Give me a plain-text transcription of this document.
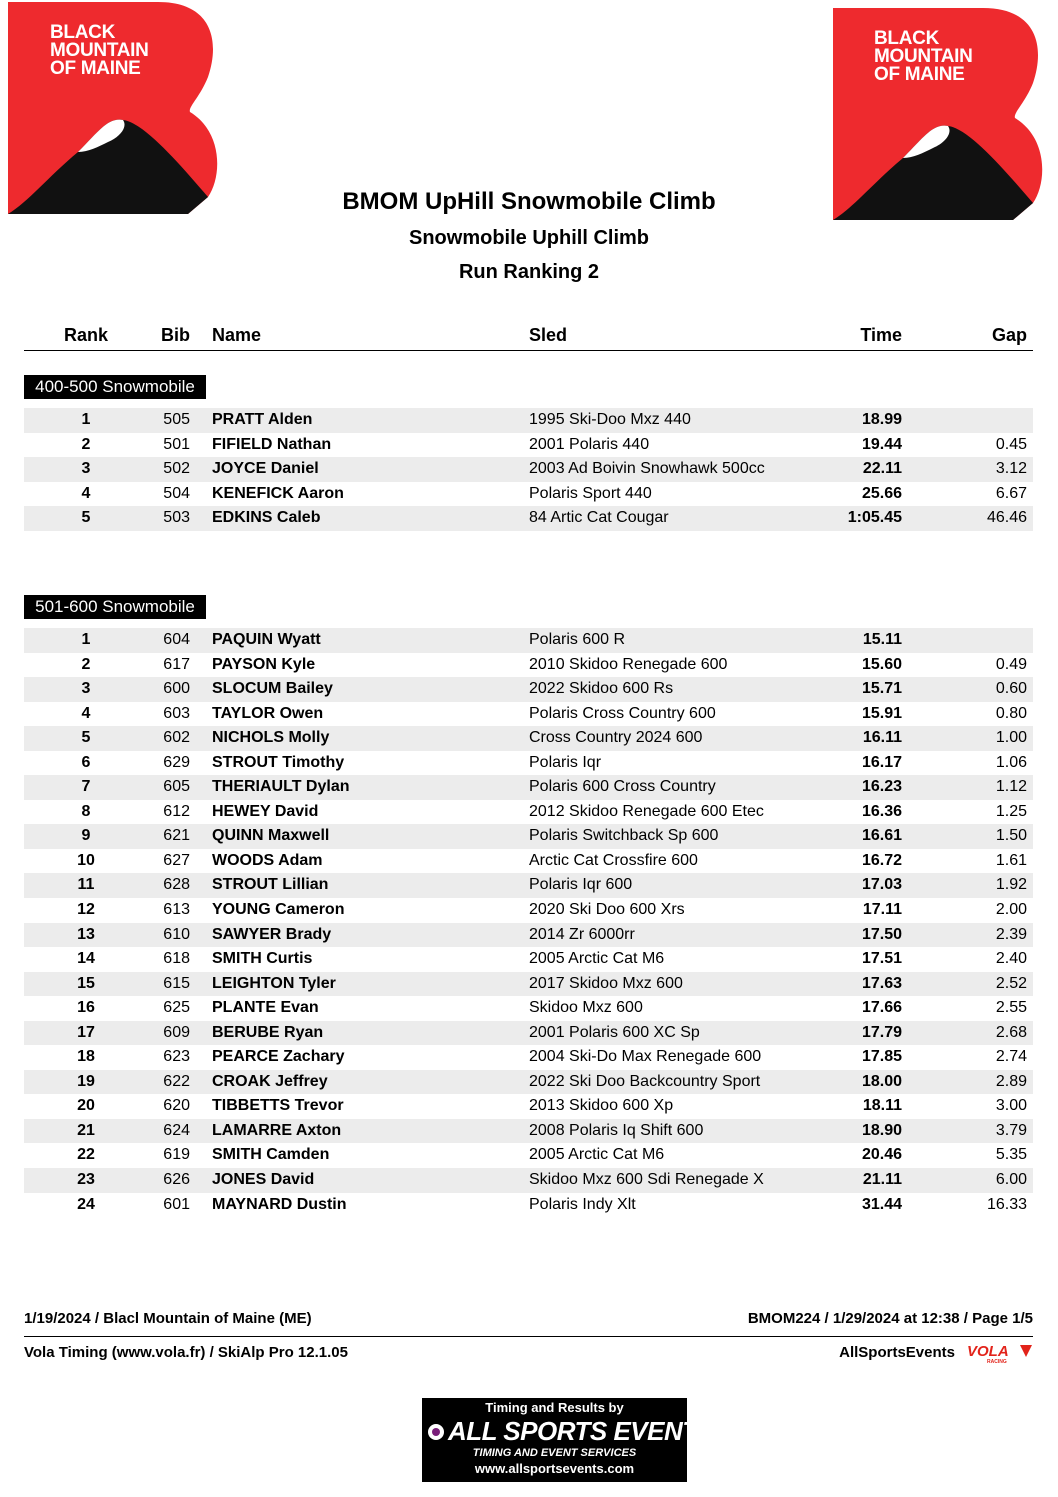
BLACK
MOUNTAIN
OF MAINE
BLACK
MOUNTAIN
OF MAINE
BMOM UpHill Snowmobile Climb
Snowmobile Uphill Climb
Run Ranking 2
Rank	Bib Name	Sled	Time	Gap
400-500 Snowmobile
1	505 PRATT Alden	1995 Ski-Doo Mxz 440	18.99
2	501 FIFIELD Nathan	2001 Polaris 440	19.44	0.45
3	502 JOYCE Daniel	2003 Ad Boivin Snowhawk 500cc	22.11	3.12
4	504 KENEFICK Aaron	Polaris Sport 440	25.66	6.67
5	503 EDKINS Caleb	84 Artic Cat Cougar	1:05.45	46.46
501-600 Snowmobile
1	604 PAQUIN Wyatt	Polaris 600 R	15.11
2	617 PAYSON Kyle	2010 Skidoo Renegade 600	15.60	0.49
3	600 SLOCUM Bailey	2022 Skidoo 600 Rs	15.71	0.60
4	603 TAYLOR Owen	Polaris Cross Country 600	15.91	0.80
5	602 NICHOLS Molly	Cross Country 2024 600	16.11	1.00
6	629 STROUT Timothy	Polaris Iqr	16.17	1.06
7	605 THERIAULT Dylan	Polaris 600 Cross Country	16.23	1.12
8	612 HEWEY David	2012 Skidoo Renegade 600 Etec	16.36	1.25
9	621 QUINN Maxwell	Polaris Switchback Sp 600	16.61	1.50
10	627 WOODS Adam	Arctic Cat Crossfire 600	16.72	1.61
11	628 STROUT Lillian	Polaris Iqr 600	17.03	1.92
12	613 YOUNG Cameron	2020 Ski Doo 600 Xrs	17.11	2.00
13	610 SAWYER Brady	2014 Zr 6000rr	17.50	2.39
14	618 SMITH Curtis	2005 Arctic Cat M6	17.51	2.40
15	615 LEIGHTON Tyler	2017 Skidoo Mxz 600	17.63	2.52
16	625 PLANTE Evan	Skidoo Mxz 600	17.66	2.55
17	609 BERUBE Ryan	2001 Polaris 600 XC Sp	17.79	2.68
18	623 PEARCE Zachary	2004 Ski-Do Max Renegade 600	17.85	2.74
19	622 CROAK Jeffrey	2022 Ski Doo Backcountry Sport	18.00	2.89
20	620 TIBBETTS Trevor	2013 Skidoo 600 Xp	18.11	3.00
21	624 LAMARRE Axton	2008 Polaris Iq Shift 600	18.90	3.79
22	619 SMITH Camden	2005 Arctic Cat M6	20.46	5.35
23	626 JONES David	Skidoo Mxz 600 Sdi Renegade X	21.11	6.00
24	601 MAYNARD Dustin	Polaris Indy Xlt	31.44	16.33
1/19/2024 / Blacl Mountain of Maine (ME)	BMOM224 / 1/29/2024 at 12:38 / Page 1/5
Vola Timing (www.vola.fr) / SkiAlp Pro 12.1.05	AllSportsEvents VOLA
RACING
Timing and Results by
ALL SPORTS EVENTS
TIMING AND EVENT SERVICES
www.allsportsevents.com
